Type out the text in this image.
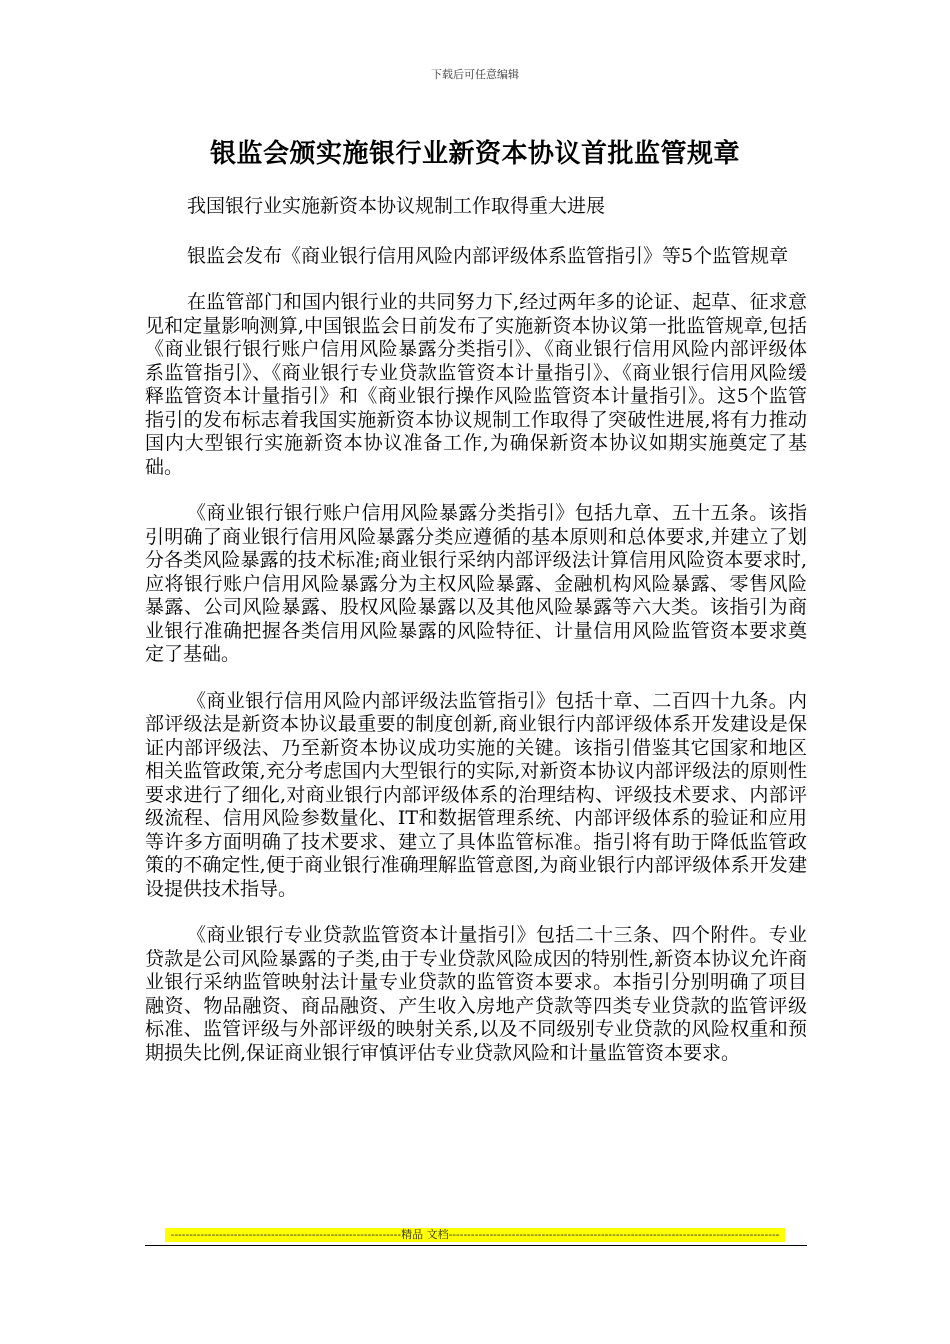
下载后可任意编辑
银监会颁实施银行业新资本协议首批监管规章

我国银行业实施新资本协议规制工作取得重大进展

银监会发布《商业银行信用风险内部评级体系监管指引》等5个监管规章

在监管部门和国内银行业的共同努力下,经过两年多的论证、起草、征求意见和定量影响测算,中国银监会日前发布了实施新资本协议第一批监管规章,包括《商业银行银行账户信用风险暴露分类指引》、《商业银行信用风险内部评级体系监管指引》、《商业银行专业贷款监管资本计量指引》、《商业银行信用风险缓释监管资本计量指引》和《商业银行操作风险监管资本计量指引》。这5个监管指引的发布标志着我国实施新资本协议规制工作取得了突破性进展,将有力推动国内大型银行实施新资本协议准备工作,为确保新资本协议如期实施奠定了基础。

《商业银行银行账户信用风险暴露分类指引》包括九章、五十五条。该指引明确了商业银行信用风险暴露分类应遵循的基本原则和总体要求,并建立了划分各类风险暴露的技术标准;商业银行采纳内部评级法计算信用风险资本要求时,应将银行账户信用风险暴露分为主权风险暴露、金融机构风险暴露、零售风险暴露、公司风险暴露、股权风险暴露以及其他风险暴露等六大类。该指引为商业银行准确把握各类信用风险暴露的风险特征、计量信用风险监管资本要求奠定了基础。

《商业银行信用风险内部评级法监管指引》包括十章、二百四十九条。内部评级法是新资本协议最重要的制度创新,商业银行内部评级体系开发建设是保证内部评级法、乃至新资本协议成功实施的关键。该指引借鉴其它国家和地区相关监管政策,充分考虑国内大型银行的实际,对新资本协议内部评级法的原则性要求进行了细化,对商业银行内部评级体系的治理结构、评级技术要求、内部评级流程、信用风险参数量化、IT和数据管理系统、内部评级体系的验证和应用等许多方面明确了技术要求、建立了具体监管标准。指引将有助于降低监管政策的不确定性,便于商业银行准确理解监管意图,为商业银行内部评级体系开发建设提供技术指导。

《商业银行专业贷款监管资本计量指引》包括二十三条、四个附件。专业贷款是公司风险暴露的子类,由于专业贷款风险成因的特别性,新资本协议允许商业银行采纳监管映射法计量专业贷款的监管资本要求。本指引分别明确了项目融资、物品融资、商品融资、产生收入房地产贷款等四类专业贷款的监管评级标准、监管评级与外部评级的映射关系,以及不同级别专业贷款的风险权重和预期损失比例,保证商业银行审慎评估专业贷款风险和计量监管资本要求。

--------------------------------------------------------------精品 文档-----------------------------------------------------------------------------------------
